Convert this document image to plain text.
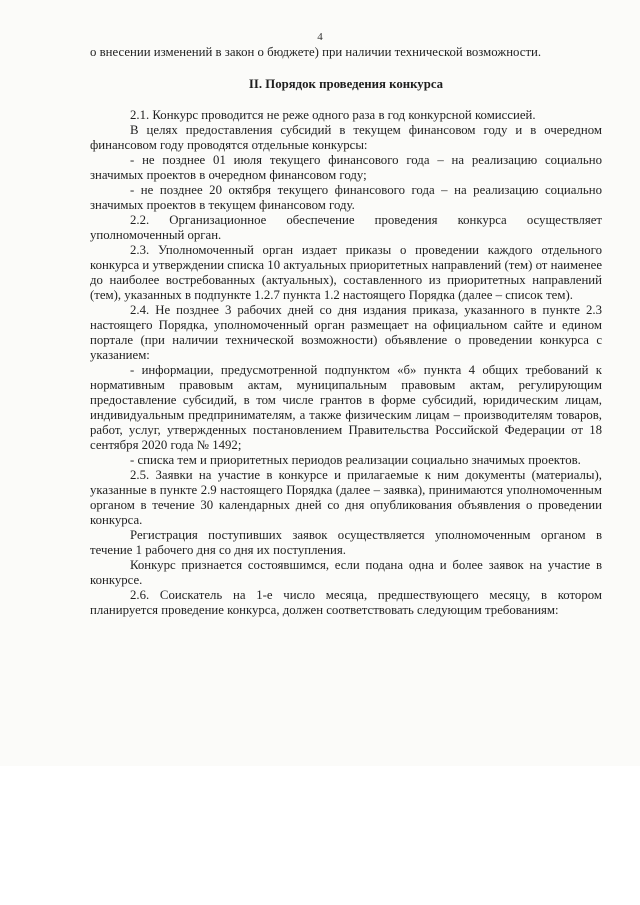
4

о внесении изменений в закон о бюджете) при наличии технической возможности.

II. Порядок проведения конкурса

2.1. Конкурс проводится не реже одного раза в год конкурсной комиссией.

В целях предоставления субсидий в текущем финансовом году и в очередном финансовом году проводятся отдельные конкурсы:

- не позднее 01 июля текущего финансового года – на реализацию социально значимых проектов в очередном финансовом году;

- не позднее 20 октября текущего финансового года – на реализацию социально значимых проектов в текущем финансовом году.

2.2. Организационное обеспечение проведения конкурса осуществляет уполномоченный орган.

2.3. Уполномоченный орган издает приказы о проведении каждого отдельного конкурса и утверждении списка 10 актуальных приоритетных направлений (тем) от наименее до наиболее востребованных (актуальных), составленного из приоритетных направлений (тем), указанных в подпункте 1.2.7 пункта 1.2 настоящего Порядка (далее – список тем).

2.4. Не позднее 3 рабочих дней со дня издания приказа, указанного в пункте 2.3 настоящего Порядка, уполномоченный орган размещает на официальном сайте и едином портале (при наличии технической возможности) объявление о проведении конкурса с указанием:

- информации, предусмотренной подпунктом «б» пункта 4 общих требований к нормативным правовым актам, муниципальным правовым актам, регулирующим предоставление субсидий, в том числе грантов в форме субсидий, юридическим лицам, индивидуальным предпринимателям, а также физическим лицам – производителям товаров, работ, услуг, утвержденных постановлением Правительства Российской Федерации от 18 сентября 2020 года № 1492;

- списка тем и приоритетных периодов реализации социально значимых проектов.

2.5. Заявки на участие в конкурсе и прилагаемые к ним документы (материалы), указанные в пункте 2.9 настоящего Порядка (далее – заявка), принимаются уполномоченным органом в течение 30 календарных дней со дня опубликования объявления о проведении конкурса.

Регистрация поступивших заявок осуществляется уполномоченным органом в течение 1 рабочего дня со дня их поступления.

Конкурс признается состоявшимся, если подана одна и более заявок на участие в конкурсе.

2.6. Соискатель на 1-е число месяца, предшествующего месяцу, в котором планируется проведение конкурса, должен соответствовать следующим требованиям:
